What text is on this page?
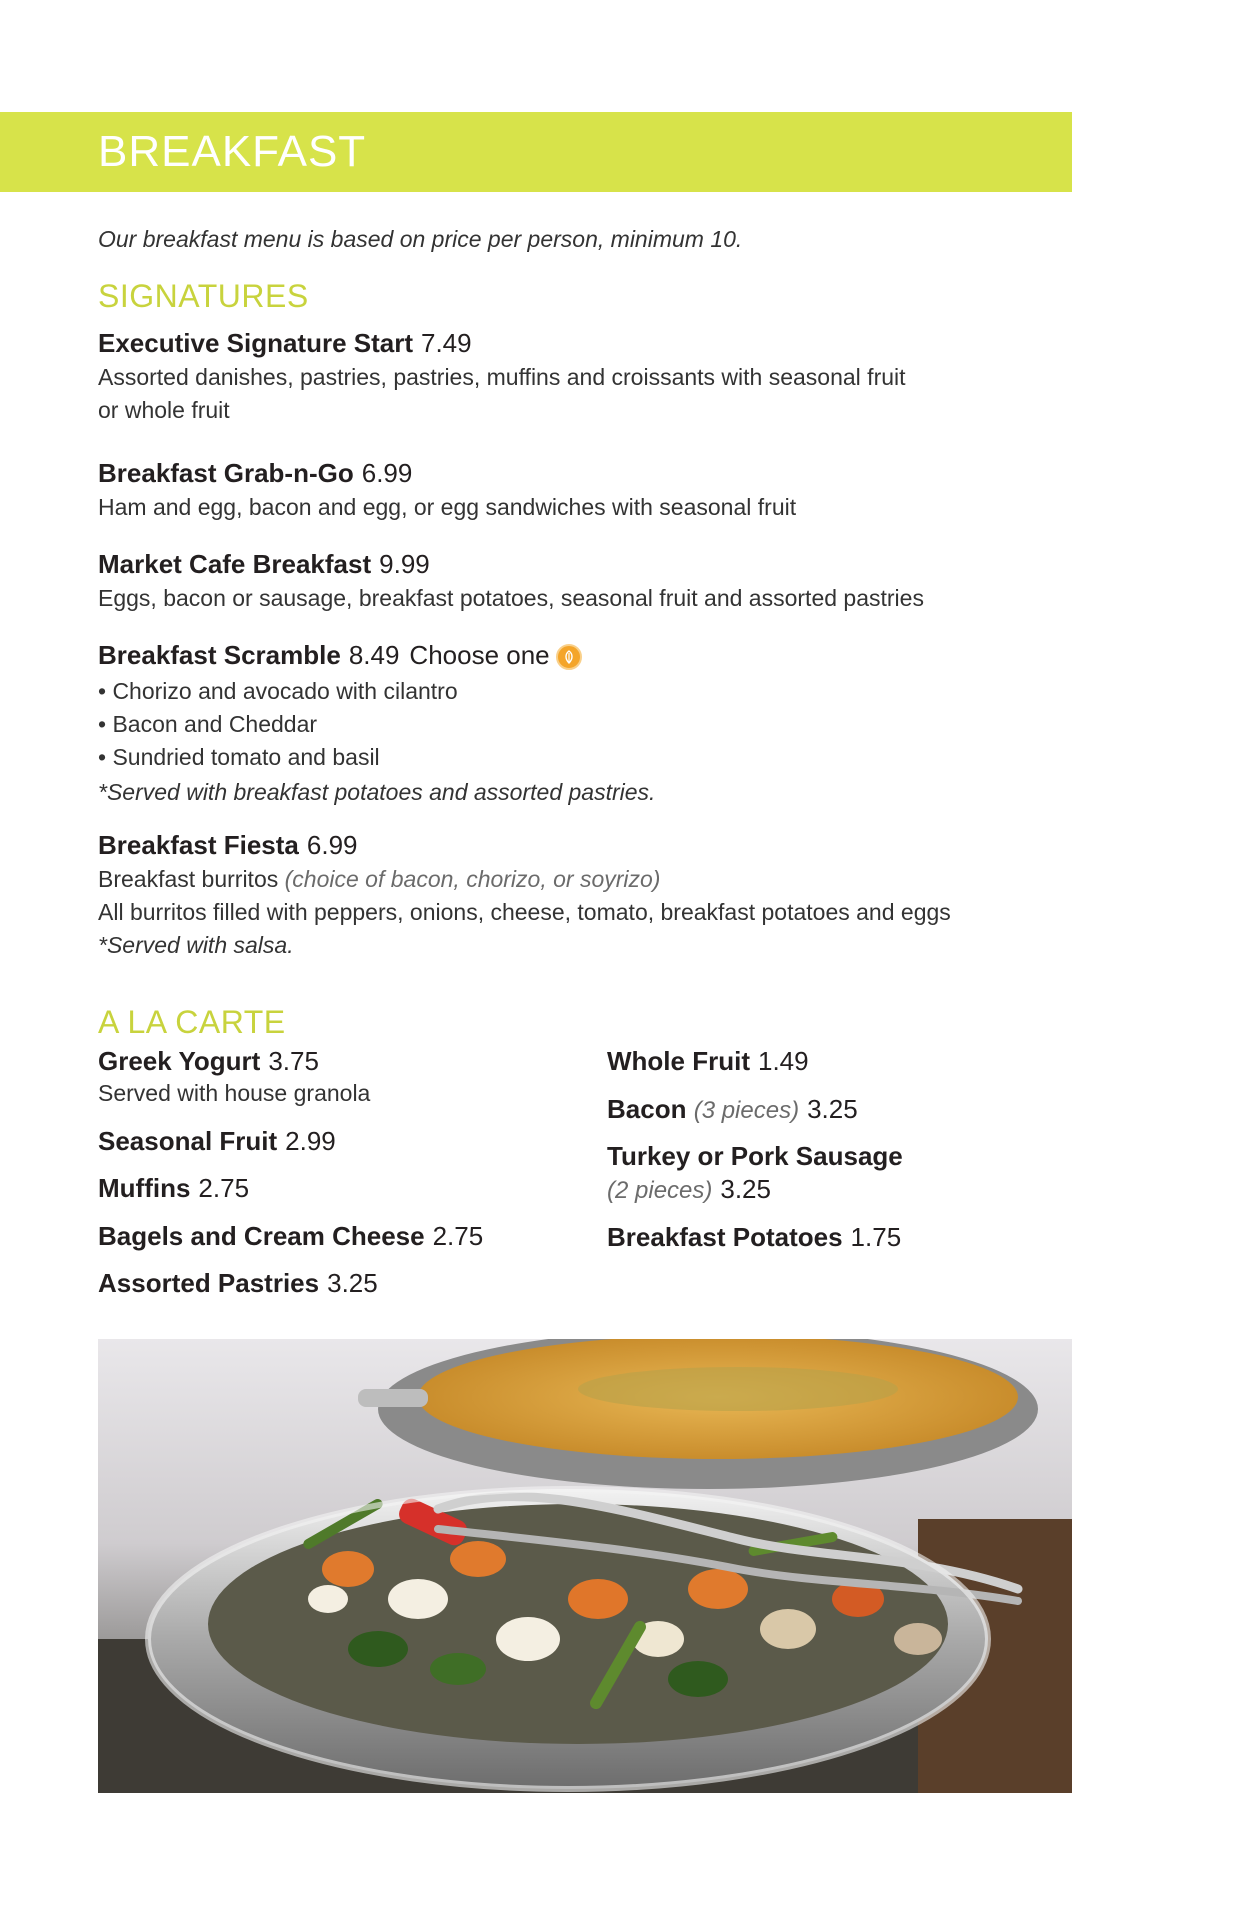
BREAKFAST

Our breakfast menu is based on price per person, minimum 10.

SIGNATURES
Executive Signature Start 7.49
Assorted danishes, pastries, pastries, muffins and croissants with seasonal fruit
or whole fruit
Breakfast Grab-n-Go 6.99
Ham and egg, bacon and egg, or egg sandwiches with seasonal fruit
Market Cafe Breakfast 9.99
Eggs, bacon or sausage, breakfast potatoes, seasonal fruit and assorted pastries
Breakfast Scramble 8.49 Choose one
• Chorizo and avocado with cilantro
• Bacon and Cheddar
• Sundried tomato and basil
*Served with breakfast potatoes and assorted pastries.
Breakfast Fiesta 6.99
Breakfast burritos (choice of bacon, chorizo, or soyrizo)
All burritos filled with peppers, onions, cheese, tomato, breakfast potatoes and eggs
*Served with salsa.
A LA CARTE
Greek Yogurt 3.75
Served with house granola
Seasonal Fruit 2.99
Muffins 2.75
Bagels and Cream Cheese 2.75
Assorted Pastries 3.25
Whole Fruit 1.49
Bacon (3 pieces) 3.25
Turkey or Pork Sausage
(2 pieces) 3.25
Breakfast Potatoes 1.75
